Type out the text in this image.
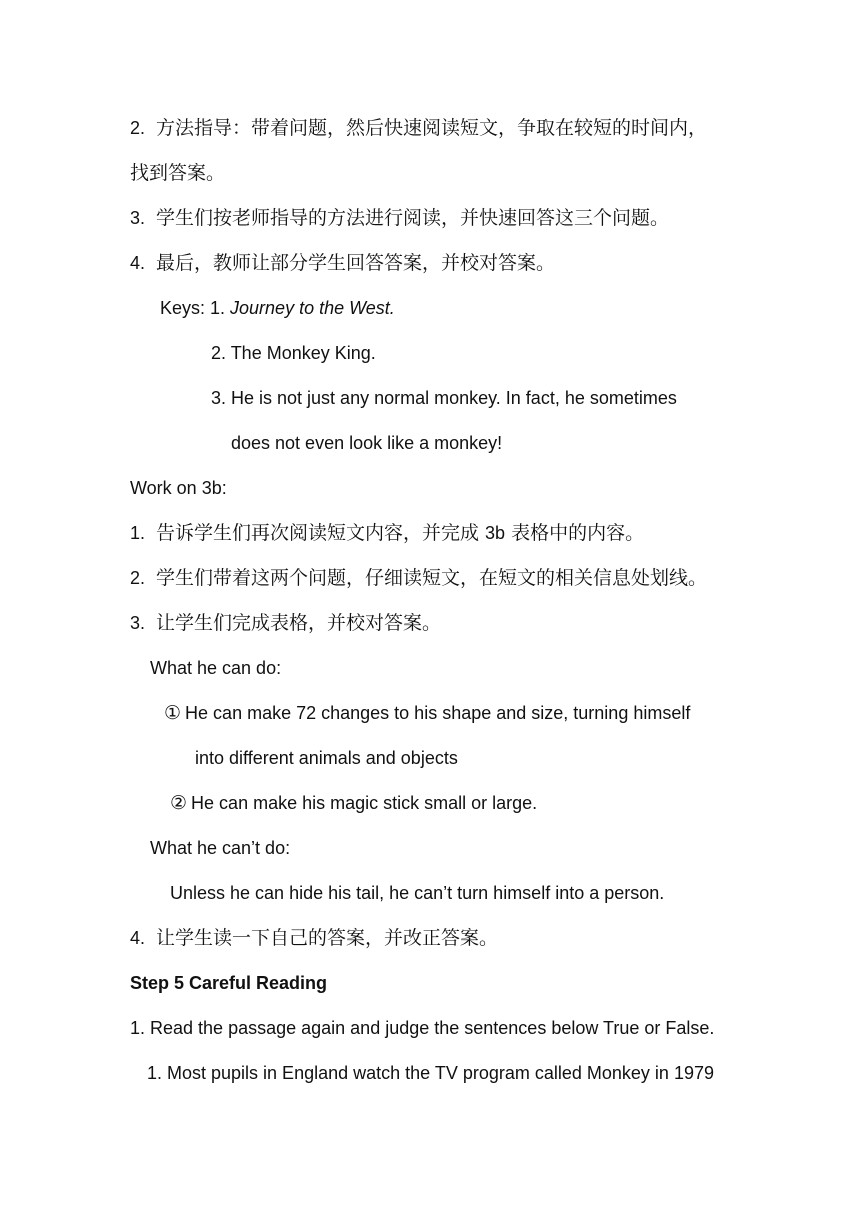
2. 方法指导：带着问题，然后快速阅读短文，争取在较短的时间内，
找到答案。
3. 学生们按老师指导的方法进行阅读，并快速回答这三个问题。
4. 最后，教师让部分学生回答答案，并校对答案。
Keys: 1. Journey to the West.
2. The Monkey King.
3. He is not just any normal monkey. In fact, he sometimes
does not even look like a monkey!
Work on 3b:
1. 告诉学生们再次阅读短文内容，并完成 3b 表格中的内容。
2. 学生们带着这两个问题，仔细读短文，在短文的相关信息处划线。
3. 让学生们完成表格，并校对答案。
What he can do:
① He can make 72 changes to his shape and size, turning himself
into different animals and objects
② He can make his magic stick small or large.
What he can’t do:
Unless he can hide his tail, he can’t turn himself into a person.
4. 让学生读一下自己的答案，并改正答案。
Step 5 Careful Reading
1. Read the passage again and judge the sentences below True or False.
1. Most pupils in England watch the TV program called Monkey in 1979
